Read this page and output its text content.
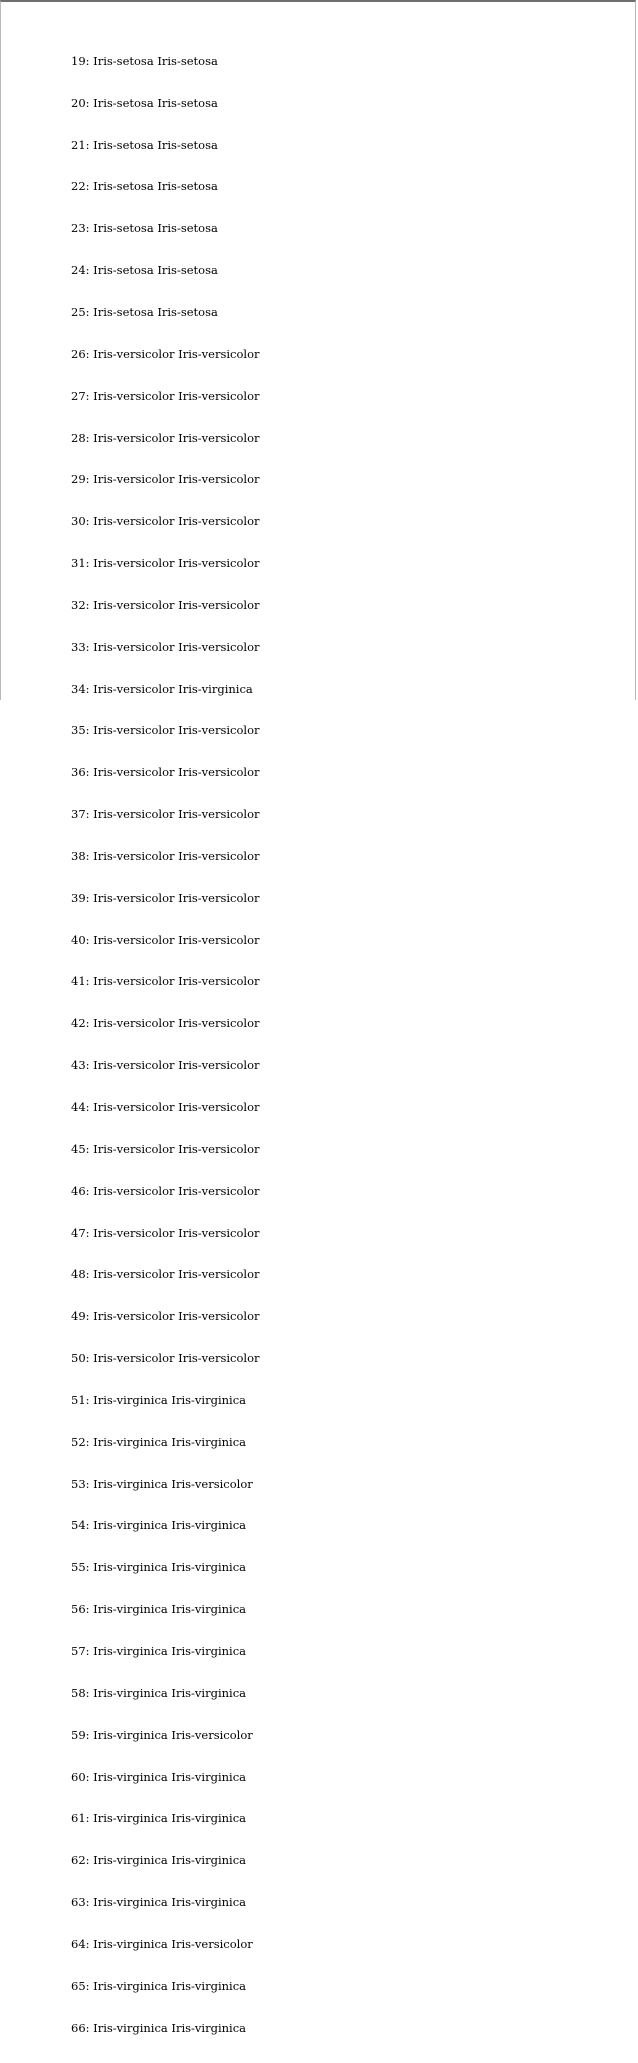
19: Iris-setosa Iris-setosa

20: Iris-setosa Iris-setosa

21: Iris-setosa Iris-setosa

22: Iris-setosa Iris-setosa

23: Iris-setosa Iris-setosa

24: Iris-setosa Iris-setosa

25: Iris-setosa Iris-setosa

26: Iris-versicolor Iris-versicolor

27: Iris-versicolor Iris-versicolor

28: Iris-versicolor Iris-versicolor

29: Iris-versicolor Iris-versicolor

30: Iris-versicolor Iris-versicolor

31: Iris-versicolor Iris-versicolor

32: Iris-versicolor Iris-versicolor

33: Iris-versicolor Iris-versicolor

34: Iris-versicolor Iris-virginica

35: Iris-versicolor Iris-versicolor

36: Iris-versicolor Iris-versicolor

37: Iris-versicolor Iris-versicolor

38: Iris-versicolor Iris-versicolor

39: Iris-versicolor Iris-versicolor

40: Iris-versicolor Iris-versicolor

41: Iris-versicolor Iris-versicolor

42: Iris-versicolor Iris-versicolor

43: Iris-versicolor Iris-versicolor

44: Iris-versicolor Iris-versicolor

45: Iris-versicolor Iris-versicolor

46: Iris-versicolor Iris-versicolor

47: Iris-versicolor Iris-versicolor

48: Iris-versicolor Iris-versicolor

49: Iris-versicolor Iris-versicolor

50: Iris-versicolor Iris-versicolor

51: Iris-virginica Iris-virginica

52: Iris-virginica Iris-virginica

53: Iris-virginica Iris-versicolor

54: Iris-virginica Iris-virginica

55: Iris-virginica Iris-virginica

56: Iris-virginica Iris-virginica

57: Iris-virginica Iris-virginica

58: Iris-virginica Iris-virginica

59: Iris-virginica Iris-versicolor

60: Iris-virginica Iris-virginica

61: Iris-virginica Iris-virginica

62: Iris-virginica Iris-virginica

63: Iris-virginica Iris-virginica

64: Iris-virginica Iris-versicolor

65: Iris-virginica Iris-virginica

66: Iris-virginica Iris-virginica
